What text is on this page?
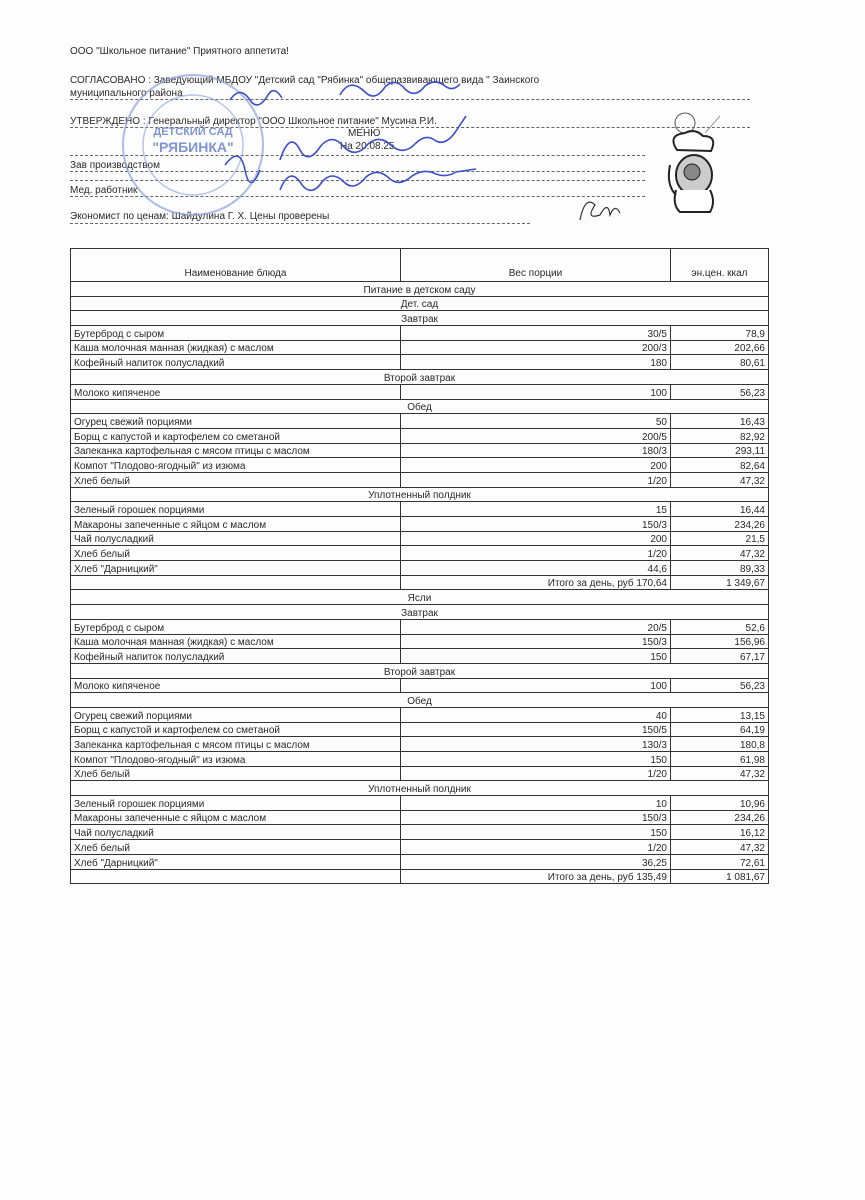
ООО "Школьное питание" Приятного аппетита!
СОГЛАСОВАНО : Заведующий МБДОУ "Детский сад "Рябинка" общеразвивающего вида " Заинского
муниципального района
УТВЕРЖДЕНО : Генеральный директор "ООО Школьное питание" Мусина Р.И.
МЕНЮ
На 20.08.25
Зав производством
Мед. работник
Экономист по ценам: Шайдулина Г. Х. Цены проверены
ДЕТСКИЙ САД
"РЯБИНКА"
Наименование блюда	Вес порции	эн.цен. ккал
Питание в детском саду		
Дет. сад		
Завтрак		
Бутерброд с сыром	30/5	78,9
Каша молочная манная (жидкая) с маслом	200/3	202,66
Кофейный напиток полусладкий	180	80,61
Второй завтрак		
Молоко кипяченое	100	56,23
Обед		
Огурец свежий порциями	50	16,43
Борщ с капустой и картофелем со сметаной	200/5	82,92
Запеканка картофельная с мясом птицы с маслом	180/3	293,11
Компот "Плодово-ягодный" из изюма	200	82,64
Хлеб белый	1/20	47,32
Уплотненный полдник		
Зеленый горошек порциями	15	16,44
Макароны запеченные с яйцом с маслом	150/3	234,26
Чай полусладкий	200	21,5
Хлеб белый	1/20	47,32
Хлеб "Дарницкий"	44,6	89,33
	Итого за день, руб 170,64	1 349,67
Ясли		
Завтрак		
Бутерброд с сыром	20/5	52,6
Каша молочная манная (жидкая) с маслом	150/3	156,96
Кофейный напиток полусладкий	150	67,17
Второй завтрак		
Молоко кипяченое	100	56,23
Обед		
Огурец свежий порциями	40	13,15
Борщ с капустой и картофелем со сметаной	150/5	64,19
Запеканка картофельная с мясом птицы с маслом	130/3	180,8
Компот "Плодово-ягодный" из изюма	150	61,98
Хлеб белый	1/20	47,32
Уплотненный полдник		
Зеленый горошек порциями	10	10,96
Макароны запеченные с яйцом с маслом	150/3	234,26
Чай полусладкий	150	16,12
Хлеб белый	1/20	47,32
Хлеб "Дарницкий"	36,25	72,61
	Итого за день, руб 135,49	1 081,67
